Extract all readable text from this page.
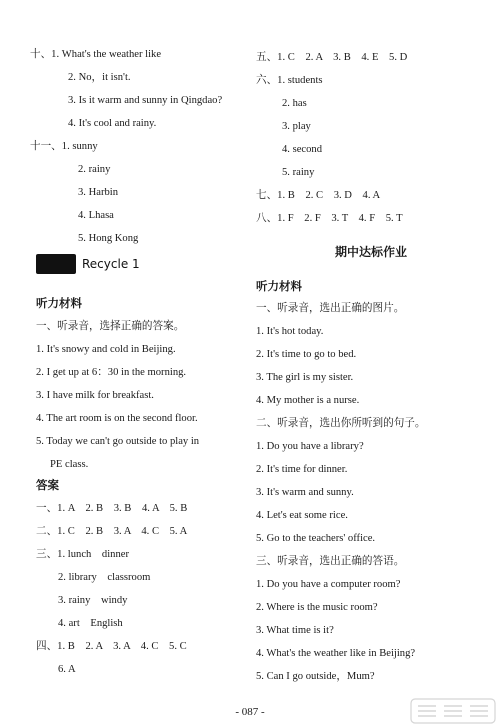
十、1. What's the weather like
2. No，it isn't.
3. Is it warm and sunny in Qingdao?
4. It's cool and rainy.
十一、1. sunny
2. rainy
3. Harbin
4. Lhasa
5. Hong Kong
听力材料
一、听录音，选择正确的答案。
1. It's snowy and cold in Beijing.
2. I get up at 6：30 in the morning.
3. I have milk for breakfast.
4. The art room is on the second floor.
5. Today we can't go outside to play in
PE class.
答案
一、1. A　2. B　3. B　4. A　5. B
二、1. C　2. B　3. A　4. C　5. A
三、1. lunch　dinner
2. library　classroom
3. rainy　windy
4. art　English
四、1. B　2. A　3. A　4. C　5. C
6. A
Recycle 1
五、1. C　2. A　3. B　4. E　5. D
六、1. students
2. has
3. play
4. second
5. rainy
七、1. B　2. C　3. D　4. A
八、1. F　2. F　3. T　4. F　5. T
期中达标作业
听力材料
一、听录音，选出正确的图片。
1. It's hot today.
2. It's time to go to bed.
3. The girl is my sister.
4. My mother is a nurse.
二、听录音，选出你所听到的句子。
1. Do you have a library?
2. It's time for dinner.
3. It's warm and sunny.
4. Let's eat some rice.
5. Go to the teachers' office.
三、听录音，选出正确的答语。
1. Do you have a computer room?
2. Where is the music room?
3. What time is it?
4. What's the weather like in Beijing?
5. Can I go outside，Mum?
- 087 -
